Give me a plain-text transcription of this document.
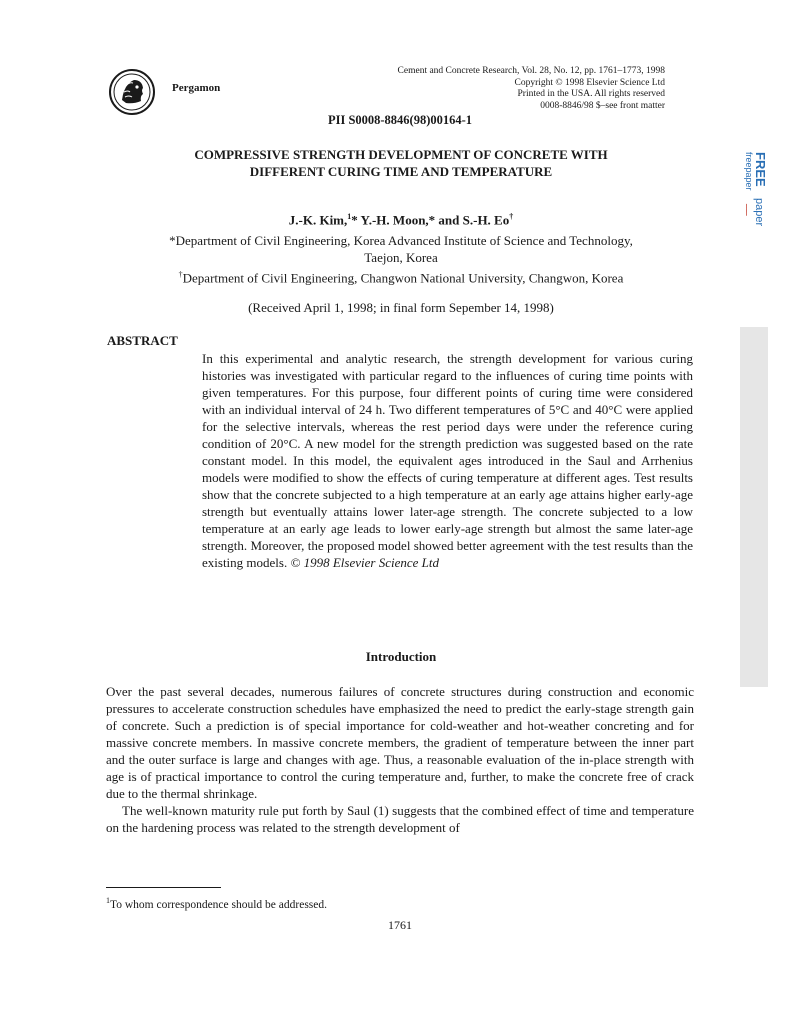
Pergamon
Cement and Concrete Research, Vol. 28, No. 12, pp. 1761–1773, 1998
Copyright © 1998 Elsevier Science Ltd
Printed in the USA. All rights reserved
0008-8846/98 $–see front matter
PII S0008-8846(98)00164-1
COMPRESSIVE STRENGTH DEVELOPMENT OF CONCRETE WITH
DIFFERENT CURING TIME AND TEMPERATURE
J.-K. Kim,$^1$* Y.-H. Moon,* and S.-H. Eo†
*Department of Civil Engineering, Korea Advanced Institute of Science and Technology,
Taejon, Korea
†Department of Civil Engineering, Changwon National University, Changwon, Korea
(Received April 1, 1998; in final form Sepember 14, 1998)
ABSTRACT
In this experimental and analytic research, the strength development for various curing histories was investigated with particular regard to the influences of curing time points with given temperatures. For this purpose, four different points of curing time were considered with an individual interval of 24 h. Two different temperatures of 5°C and 40°C were applied for the selective intervals, whereas the rest period days were under the reference curing condition of 20°C. A new model for the strength prediction was suggested based on the rate constant model. In this model, the equivalent ages introduced in the Saul and Arrhenius models were modified to show the effects of curing temperature at different ages. Test results show that the concrete subjected to a high temperature at an early age attains higher early-age strength but eventually attains lower later-age strength. The concrete subjected to a low temperature at an early age leads to lower early-age strength but almost the same later-age strength. Moreover, the proposed model showed better agreement with the test results than the existing models. © 1998 Elsevier Science Ltd
Introduction

Over the past several decades, numerous failures of concrete structures during construction and economic pressures to accelerate construction schedules have emphasized the need to predict the early-stage strength gain of concrete. Such a prediction is of special importance for cold-weather and hot-weather concreting and for massive concrete members. In massive concrete members, the gradient of temperature between the inner part and the outer surface is large and changes with age. Thus, a reasonable evaluation of the in-place strength with age is of practical importance to control the curing temperature and, further, to make the concrete free of crack due to the thermal shrinkage.

The well-known maturity rule put forth by Saul (1) suggests that the combined effect of time and temperature on the hardening process was related to the strength development of

$^1$To whom correspondence should be addressed.
1761
FREE
freepaper
paper
ـــــ
